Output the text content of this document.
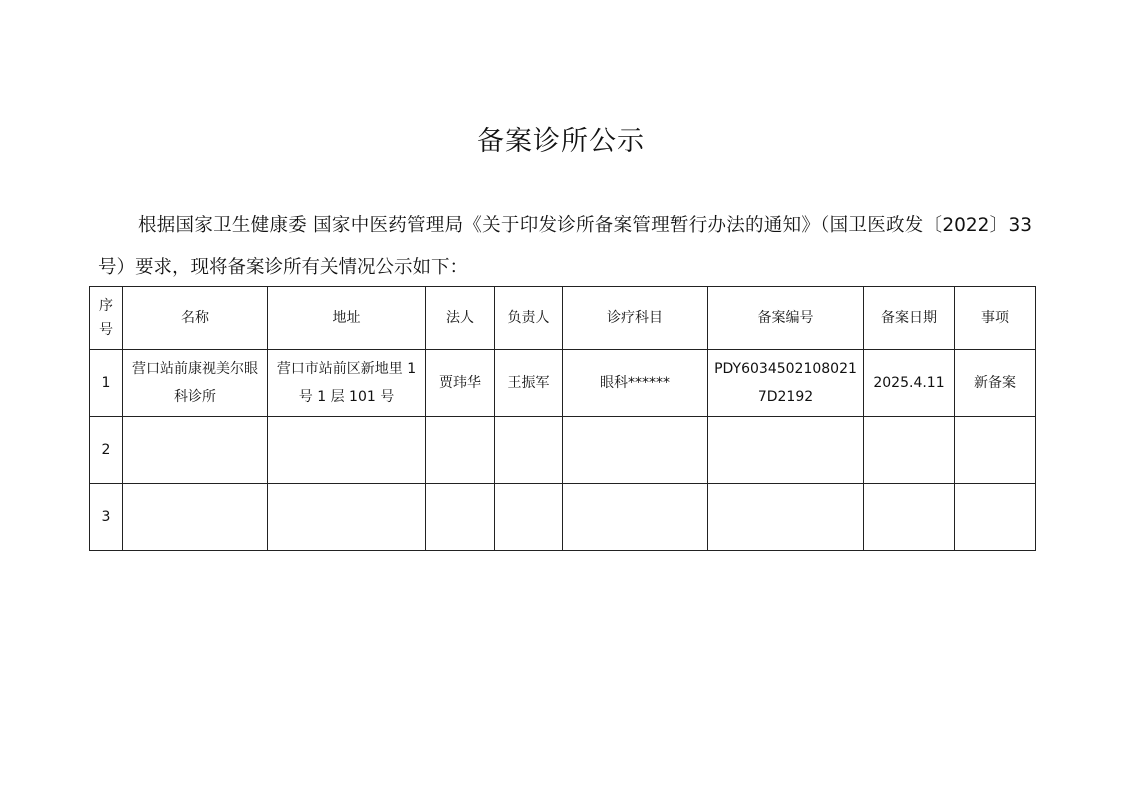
备案诊所公示

根据国家卫生健康委 国家中医药管理局《关于印发诊所备案管理暂行办法的通知》（国卫医政发〔2022〕33 号）要求，现将备案诊所有关情况公示如下：

序号	名称	地址	法人	负责人	诊疗科目	备案编号	备案日期	事项
1	营口站前康视美尔眼科诊所	营口市站前区新地里 1 号 1 层 101 号	贾玮华	王振军	眼科******	PDY60345021080217D2192	2025.4.11	新备案
2								
3								
